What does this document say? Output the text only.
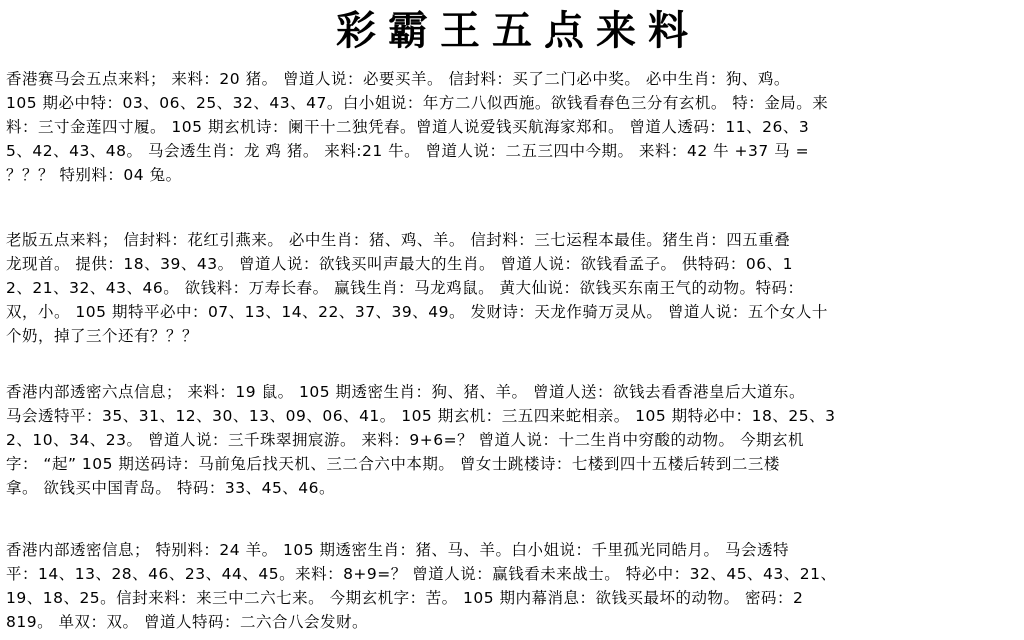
彩霸王五点来料
香港赛马会五点来料； 来料：20 猪。 曾道人说：必要买羊。 信封料：买了二门必中奖。 必中生肖：狗、鸡。
105 期必中特：03、06、25、32、43、47。白小姐说：年方二八似西施。欲钱看春色三分有玄机。 特：金局。来
料：三寸金莲四寸履。 105 期玄机诗：阑干十二独凭春。曾道人说爱钱买航海家郑和。 曾道人透码：11、26、3
5、42、43、48。 马会透生肖：龙 鸡 猪。 来料:21 牛。 曾道人说：二五三四中今期。 来料：42 牛 +37 马 =
？？？ 特别料：04 兔。
老版五点来料； 信封料：花红引燕来。 必中生肖：猪、鸡、羊。 信封料：三七运程本最佳。猪生肖：四五重叠
龙现首。 提供：18、39、43。 曾道人说：欲钱买叫声最大的生肖。 曾道人说：欲钱看孟子。 供特码：06、1
2、21、32、43、46。 欲钱料：万寿长春。 赢钱生肖：马龙鸡鼠。 黄大仙说：欲钱买东南王气的动物。特码：
双，小。 105 期特平必中：07、13、14、22、37、39、49。 发财诗：天龙作骑万灵从。 曾道人说：五个女人十
个奶，掉了三个还有？？？
香港内部透密六点信息； 来料：19 鼠。 105 期透密生肖：狗、猪、羊。 曾道人送：欲钱去看香港皇后大道东。
马会透特平：35、31、12、30、13、09、06、41。 105 期玄机：三五四来蛇相亲。 105 期特必中：18、25、3
2、10、34、23。 曾道人说：三千珠翠拥宸游。 来料：9+6=？ 曾道人说：十二生肖中穷酸的动物。 今期玄机
字： “起” 105 期送码诗：马前兔后找天机、三二合六中本期。 曾女士跳楼诗：七楼到四十五楼后转到二三楼
拿。 欲钱买中国青岛。 特码：33、45、46。
香港内部透密信息； 特别料：24 羊。 105 期透密生肖：猪、马、羊。白小姐说：千里孤光同皓月。 马会透特
平：14、13、28、46、23、44、45。来料：8+9=？ 曾道人说：赢钱看未来战士。 特必中：32、45、43、21、
19、18、25。信封来料：来三中二六七来。 今期玄机字：苦。 105 期内幕消息：欲钱买最坏的动物。 密码：2
819。 单双：双。 曾道人特码：二六合八会发财。
